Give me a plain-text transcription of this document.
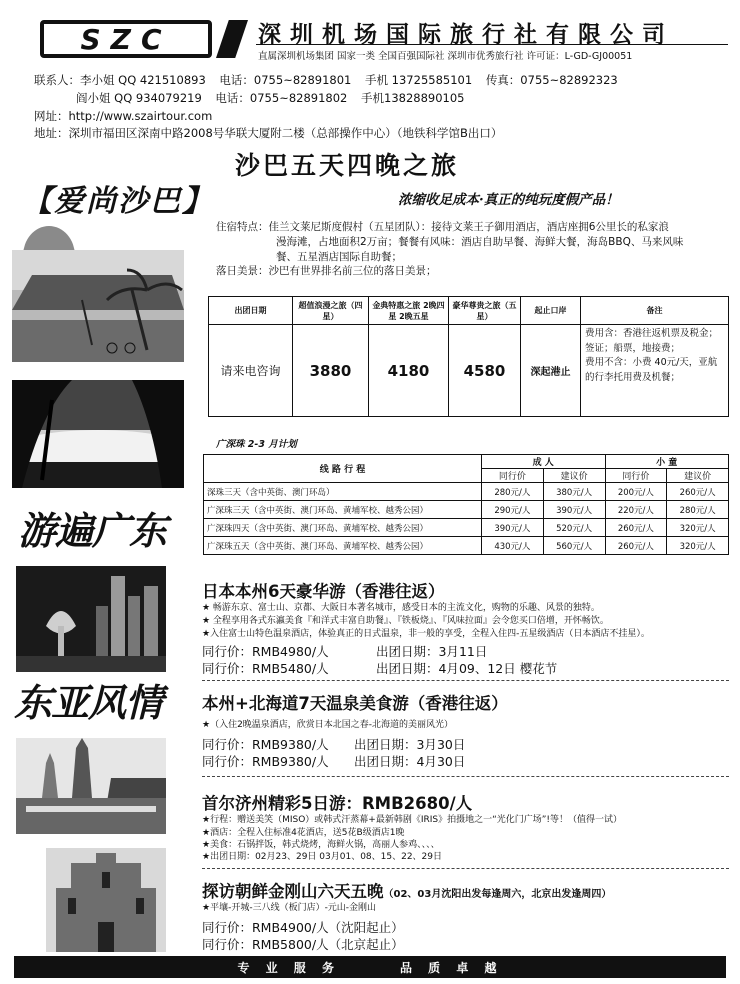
SZC	深圳机场国际旅行社有限公司
直属深圳机场集团 国家一类 全国百强国际社 深圳市优秀旅行社 许可证：L-GD-GJ00051
联系人：李小姐 QQ 421510893 电话：0755~82891801 手机 13725585101 传真：0755~82892323
阎小姐 QQ 934079219 电话：0755~82891802 手机13828890105
网址：http://www.szairtour.com
地址：深圳市福田区深南中路2008号华联大厦附二楼（总部操作中心）（地铁科学馆B出口）
沙巴五天四晚之旅
浓缩收足成本·真正的纯玩度假产品！
【爱尚沙巴】
住宿特点：佳兰文莱尼斯度假村（五星团队）：接待文莱王子御用酒店，酒店座拥6公里长的私家浪
漫海滩，占地面积2万亩；餐餐有风味：酒店自助早餐、海鲜大餐，海岛BBQ、马来风味
餐、五星酒店国际自助餐；
落日美景：沙巴有世界排名前三位的落日美景；
出团日期	超值浪漫之旅（四星）	金典特惠之旅 2晚四星 2晚五星	豪华尊贵之旅（五星）	起止口岸	备注
请来电咨询	3880	4180	4580	深起港止	费用含：香港往返机票及税金；签证；船票，地接费；
费用不含：小费 40元/天，亚航的行李托用费及机餐；
游遍广东
广深珠 2-3 月计划
线 路 行 程	成 人		小 童	
	同行价	建议价	同行价	建议价
深珠三天（含中英街、澳门环岛）	280元/人	380元/人	200元/人	260元/人
广深珠三天（含中英街、澳门环岛、黄埔军校、越秀公园）	290元/人	390元/人	220元/人	280元/人
广深珠四天（含中英街、澳门环岛、黄埔军校、越秀公园）	390元/人	520元/人	260元/人	320元/人
广深珠五天（含中英街、澳门环岛、黄埔军校、越秀公园）	430元/人	560元/人	260元/人	320元/人
东亚风情
日本本州6天豪华游（香港往返）
★ 畅游东京、富士山、京都、大阪日本著名城市，感受日本的主流文化，购物的乐趣、风景的独特。
★ 全程享用各式东瀛美食『和洋式丰富自助餐』、『铁板烧』、『风味拉面』会令您买口倍增，开怀畅饮。
★入住富士山特色温泉酒店，体验真正的日式温泉，非一般的享受，全程入住四-五星级酒店（日本酒店不挂星）。
同行价：RMB4980/人	出团日期：3月11日
同行价：RMB5480/人	出团日期：4月09、12日 樱花节
本州+北海道7天温泉美食游（香港往返）
★（入住2晚温泉酒店，欣赏日本北国之春-北海道的美丽风光）
同行价：RMB9380/人 出团日期：3月30日
同行价：RMB9380/人 出团日期：4月30日
首尔济州精彩5日游：RMB2680/人
★行程：赠送美笑（MISO）或韩式汗蒸幕+最新韩剧《IRIS》拍摄地之一“光化门广场”!等！（值得一试）
★酒店：全程入住标准4花酒店，送5花B级酒店1晚
★美食：石锅拌饭，韩式烧烤，海鲜火锅，高丽人参鸡、、、、
★出团日期：02月23、29日 03月01、08、15、22、29日
探访朝鲜金刚山六天五晚（02、03月沈阳出发每逢周六，北京出发逢周四）
★平壤-开城-三八线（板门店）-元山-金刚山
同行价：RMB4900/人（沈阳起止）
同行价：RMB5800/人（北京起止）
专 业 服 务	品 质 卓 越
